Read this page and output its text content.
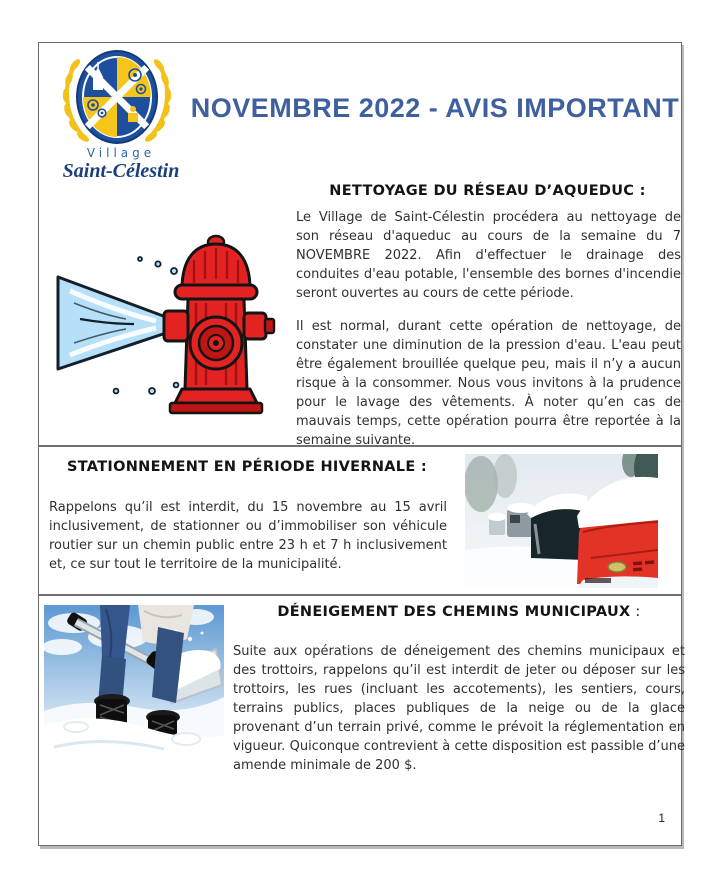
Village
Saint-Célestin
NOVEMBRE 2022 - AVIS IMPORTANT
NETTOYAGE DU RÉSEAU D’AQUEDUC :

Le Village de Saint-Célestin procédera au nettoyage de son réseau d'aqueduc au cours de la semaine du 7 NOVEMBRE 2022. Afin d'effectuer le drainage des conduites d'eau potable, l'ensemble des bornes d'incendie seront ouvertes au cours de cette période.

Il est normal, durant cette opération de nettoyage, de constater une diminution de la pression d'eau. L'eau peut être également brouillée quelque peu, mais il n’y a aucun risque à la consommer. Nous vous invitons à la prudence pour le lavage des vêtements. À noter qu’en cas de mauvais temps, cette opération pourra être reportée à la semaine suivante.

STATIONNEMENT EN PÉRIODE HIVERNALE :

Rappelons qu’il est interdit, du 15 novembre au 15 avril inclusivement, de stationner ou d’immobiliser son véhicule routier sur un chemin public entre 23 h et 7 h inclusivement et, ce sur tout le territoire de la municipalité.

DÉNEIGEMENT DES CHEMINS MUNICIPAUX :

Suite aux opérations de déneigement des chemins municipaux et des trottoirs, rappelons qu’il est interdit de jeter ou déposer sur les trottoirs, les rues (incluant les accotements), les sentiers, cours, terrains publics, places publiques de la neige ou de la glace provenant d’un terrain privé, comme le prévoit la réglementation en vigueur. Quiconque contrevient à cette disposition est passible d’une amende minimale de 200 $.

1
